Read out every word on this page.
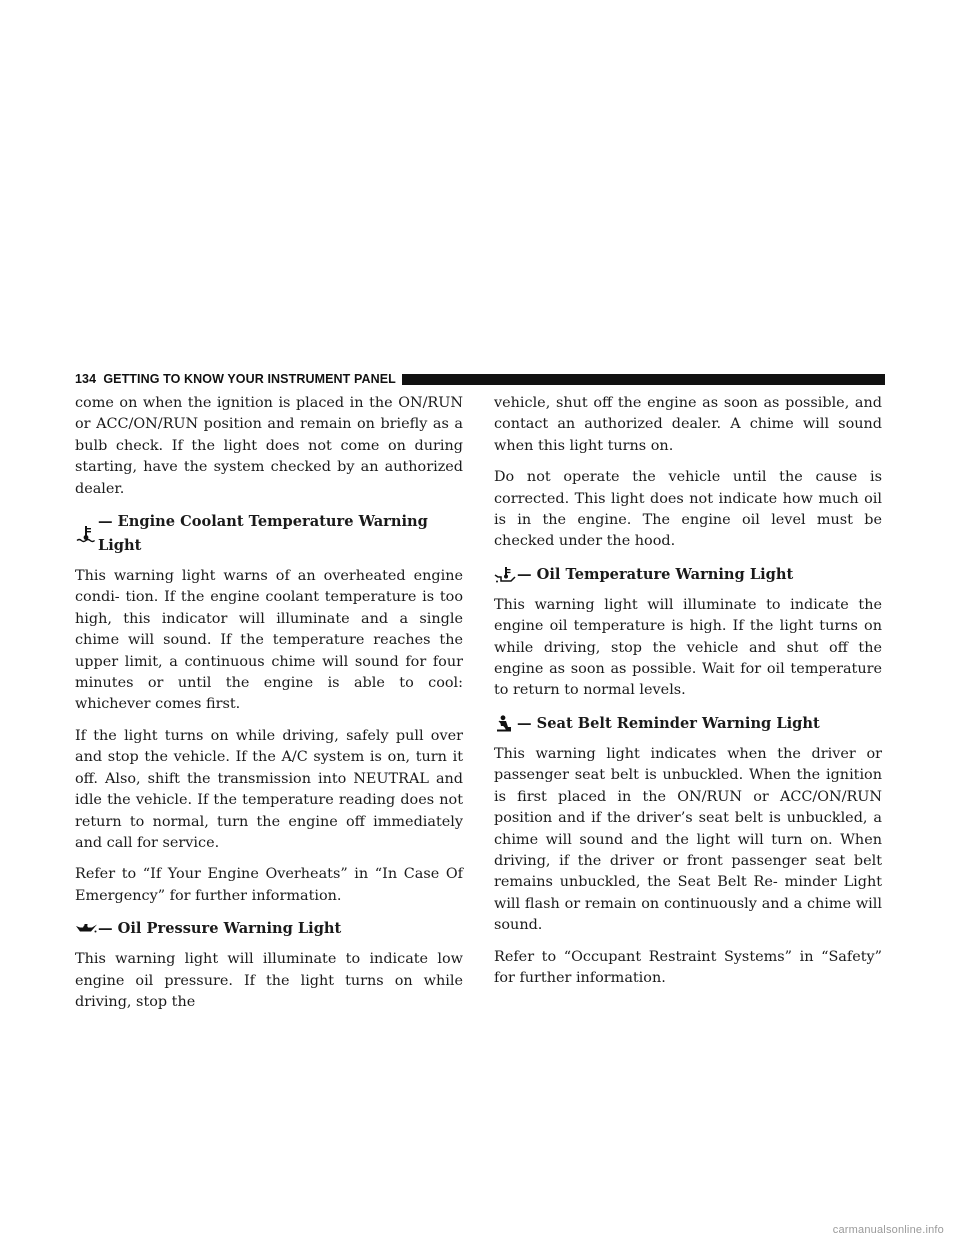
134 GETTING TO KNOW YOUR INSTRUMENT PANEL

come on when the ignition is placed in the ON/RUN or ACC/ON/RUN position and remain on briefly as a bulb check. If the light does not come on during starting, have the system checked by an authorized dealer.

— Engine Coolant Temperature Warning Light

This warning light warns of an overheated engine condi- tion. If the engine coolant temperature is too high, this indicator will illuminate and a single chime will sound. If the temperature reaches the upper limit, a continuous chime will sound for four minutes or until the engine is able to cool: whichever comes first.

If the light turns on while driving, safely pull over and stop the vehicle. If the A/C system is on, turn it off. Also, shift the transmission into NEUTRAL and idle the vehicle. If the temperature reading does not return to normal, turn the engine off immediately and call for service.

Refer to “If Your Engine Overheats” in “In Case Of Emergency” for further information.

— Oil Pressure Warning Light

This warning light will illuminate to indicate low engine oil pressure. If the light turns on while driving, stop the

vehicle, shut off the engine as soon as possible, and contact an authorized dealer. A chime will sound when this light turns on.

Do not operate the vehicle until the cause is corrected. This light does not indicate how much oil is in the engine. The engine oil level must be checked under the hood.

— Oil Temperature Warning Light

This warning light will illuminate to indicate the engine oil temperature is high. If the light turns on while driving, stop the vehicle and shut off the engine as soon as possible. Wait for oil temperature to return to normal levels.

— Seat Belt Reminder Warning Light

This warning light indicates when the driver or passenger seat belt is unbuckled. When the ignition is first placed in the ON/RUN or ACC/ON/RUN position and if the driver’s seat belt is unbuckled, a chime will sound and the light will turn on. When driving, if the driver or front passenger seat belt remains unbuckled, the Seat Belt Re- minder Light will flash or remain on continuously and a chime will sound.

Refer to “Occupant Restraint Systems” in “Safety” for further information.

carmanualsonline.info
